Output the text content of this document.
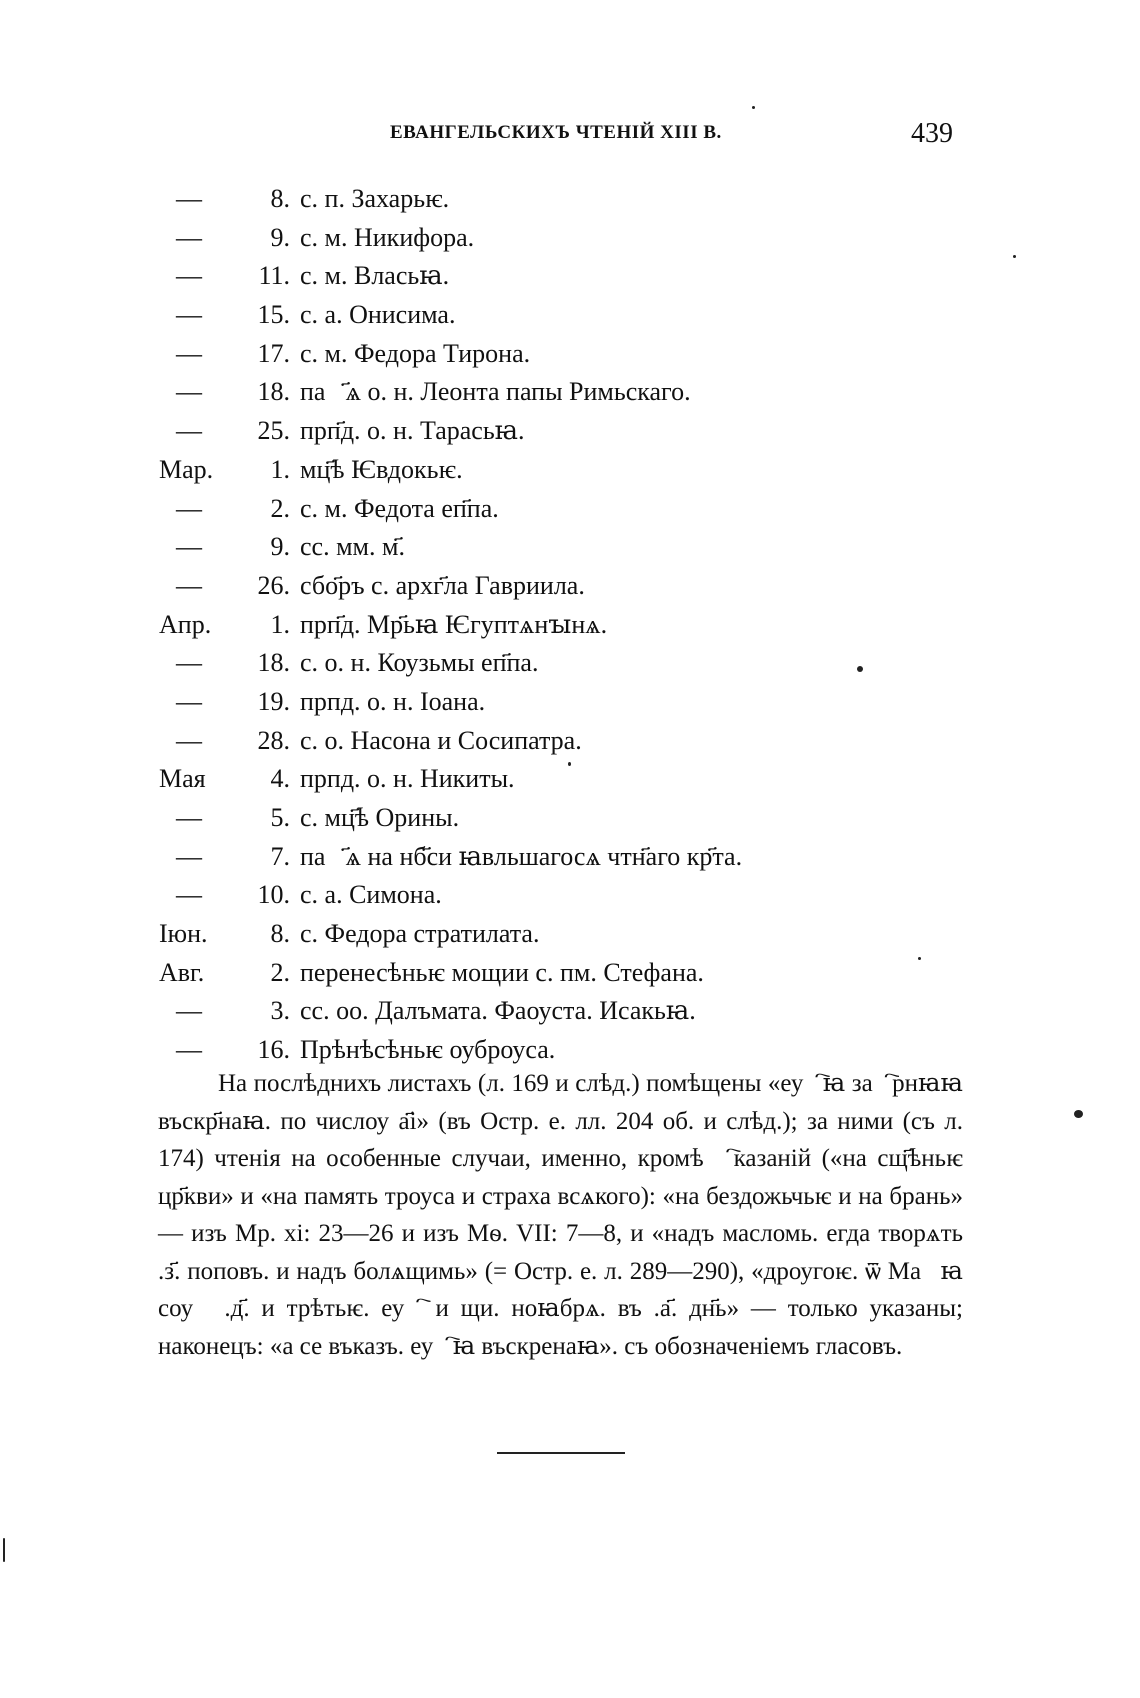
ЕВАНГЕЛЬСКИХЪ ЧТЕНІЙ XIII В.	439
—	8. с. п. Захарьѥ.
—	9. с. м. Никифора.
—	11. с. м. Власьꙗ.
—	15. с. а. Онисима.
—	17. с. м. Федора Тирона.
—	18. паⷨ҃ѧ о. н. Леонта папы Римьскаго.
—	25. прп҃д. о. н. Тарасьꙗ.
Мар.	1. мц҃ѣ Ѥвдокьѥ.
—	2. с. м. Федота еп҃па.
—	9. сс. мм. м҃.
—	26. сбо҃ръ с. архг҃ла Гавриила.
Апр.	1. прп҃д. Мр҃ьꙗ Ѥгуптѧнꙑнѧ.
—	18. с. о. н. Коузьмы еп҃па.
—	19. прпд. о. н. Іоана.
—	28. с. о. Насона и Сосипатра.
Мая	4. прпд. о. н. Никиты.
—	5. с. мц҃ѣ Орины.
—	7. паⷨ҃ѧ на нб҃си ꙗвльшагосѧ чтн҃аго кр҃та.
—	10. с. а. Симона.
Іюн.	8. с. Федора стратилата.
Авг.	2. перенесѣньѥ мощии с. пм. Стефана.
—	3. сс. оо. Далъмата. Фаоуста. Исакьꙗ.
—	16. Прѣнѣсѣньѥ оуброуса.

На послѣднихъ листахъ (л. 169 и слѣд.) помѣщены «еуⷢ҇ꙗ заꙋ҇рнꙗꙗ въскр҃наꙗ. по числоу а҃і» (въ Остр. е. лл. 204 об. и слѣд.); за ними (съ л. 174) чтенія на особенные случаи, именно, кромѣ ꙋ҇казаній («на сщ҃ѣньѥ цр҃кви» и «на память троуса и страха всѧкого): «на бездожьчьѥ и на брань» — изъ Мр. хі: 23—26 и изъ Мѳ. VII: 7—8, и «надъ масломь. егда творѧть .з҃. поповъ. и надъ болѧщимь» (= Остр. е. л. 289—290), «дроугоѥ. ѿ Маⷴꙗ соуⷠ .д҃. и трѣтьѥ. еуⷷ҇ и щи. ноꙗбрѧ. въ .а҃. дн҃ь» — только указаны; наконецъ: «а се въказъ. еуⷢ҇ꙗ въскренаꙗ». съ обозначеніемъ гласовъ.
